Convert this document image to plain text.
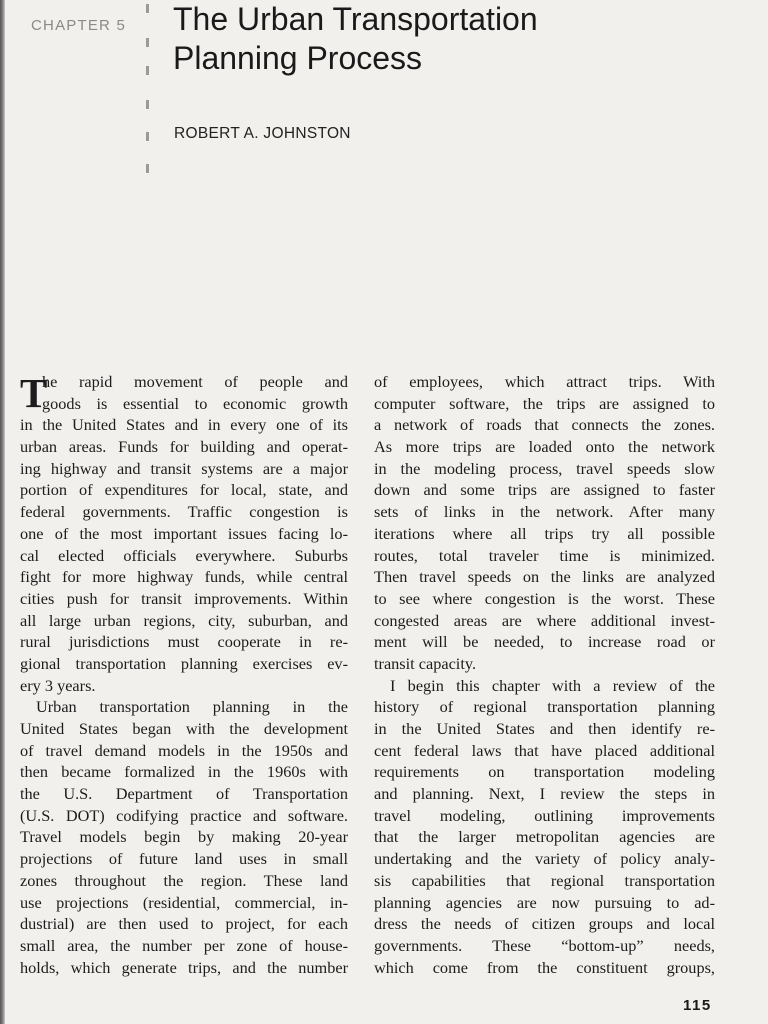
CHAPTER 5 The Urban Transportation
Planning Process
ROBERT A. JOHNSTON
T
he rapid movement of people and
goods is essential to economic growth
in the United States and in every one of its
urban areas. Funds for building and operat-
ing highway and transit systems are a major
portion of expenditures for local, state, and
federal governments. Traffic congestion is
one of the most important issues facing lo-
cal elected officials everywhere. Suburbs
fight for more highway funds, while central
cities push for transit improvements. Within
all large urban regions, city, suburban, and
rural jurisdictions must cooperate in re-
gional transportation planning exercises ev-
ery 3 years.
Urban transportation planning in the
United States began with the development
of travel demand models in the 1950s and
then became formalized in the 1960s with
the U.S. Department of Transportation
(U.S. DOT) codifying practice and software.
Travel models begin by making 20-year
projections of future land uses in small
zones throughout the region. These land
use projections (residential, commercial, in-
dustrial) are then used to project, for each
small area, the number per zone of house-
holds, which generate trips, and the number
of employees, which attract trips. With
computer software, the trips are assigned to
a network of roads that connects the zones.
As more trips are loaded onto the network
in the modeling process, travel speeds slow
down and some trips are assigned to faster
sets of links in the network. After many
iterations where all trips try all possible
routes, total traveler time is minimized.
Then travel speeds on the links are analyzed
to see where congestion is the worst. These
congested areas are where additional invest-
ment will be needed, to increase road or
transit capacity.
I begin this chapter with a review of the
history of regional transportation planning
in the United States and then identify re-
cent federal laws that have placed additional
requirements on transportation modeling
and planning. Next, I review the steps in
travel modeling, outlining improvements
that the larger metropolitan agencies are
undertaking and the variety of policy analy-
sis capabilities that regional transportation
planning agencies are now pursuing to ad-
dress the needs of citizen groups and local
governments. These “bottom-up” needs,
which come from the constituent groups,
115
